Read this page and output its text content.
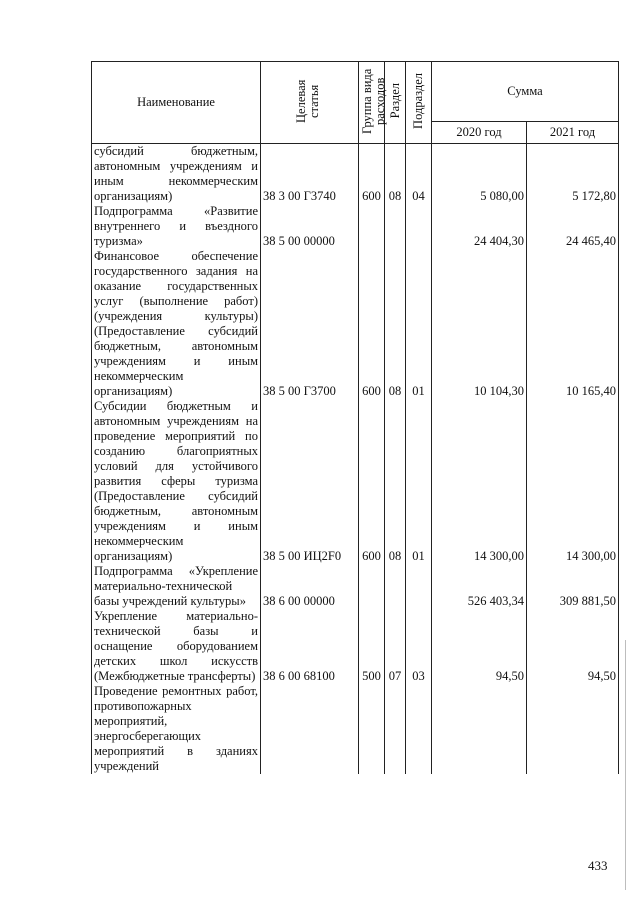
Наименование	Целевая статья	Группа вида расходов	Раздел	Подраздел	Сумма	
					2020 год	2021 год
субсидий бюджетным, автономным учреждениям и иным некоммерческим организациям)	38 3 00 Г3740	600	08	04	5 080,00	5 172,80
Подпрограмма «Развитие внутреннего и въездного туризма»	38 5 00 00000				24 404,30	24 465,40
Финансовое обеспечение государственного задания на оказание государственных услуг (выполнение работ) (учреждения культуры) (Предоставление субсидий бюджетным, автономным учреждениям и иным некоммерческим организациям)	38 5 00 Г3700	600	08	01	10 104,30	10 165,40
Субсидии бюджетным и автономным учреждениям на проведение мероприятий по созданию благоприятных условий для устойчивого развития сферы туризма (Предоставление субсидий бюджетным, автономным учреждениям и иным некоммерческим организациям)	38 5 00 ИЦ2F0	600	08	01	14 300,00	14 300,00
Подпрограмма «Укрепление материально-технической базы учреждений культуры»	38 6 00 00000				526 403,34	309 881,50
Укрепление материально-технической базы и оснащение оборудованием детских школ искусств (Межбюджетные трансферты)	38 6 00 68100	500	07	03	94,50	94,50
Проведение ремонтных работ, противопожарных мероприятий, энергосберегающих мероприятий в зданиях учреждений						
433
